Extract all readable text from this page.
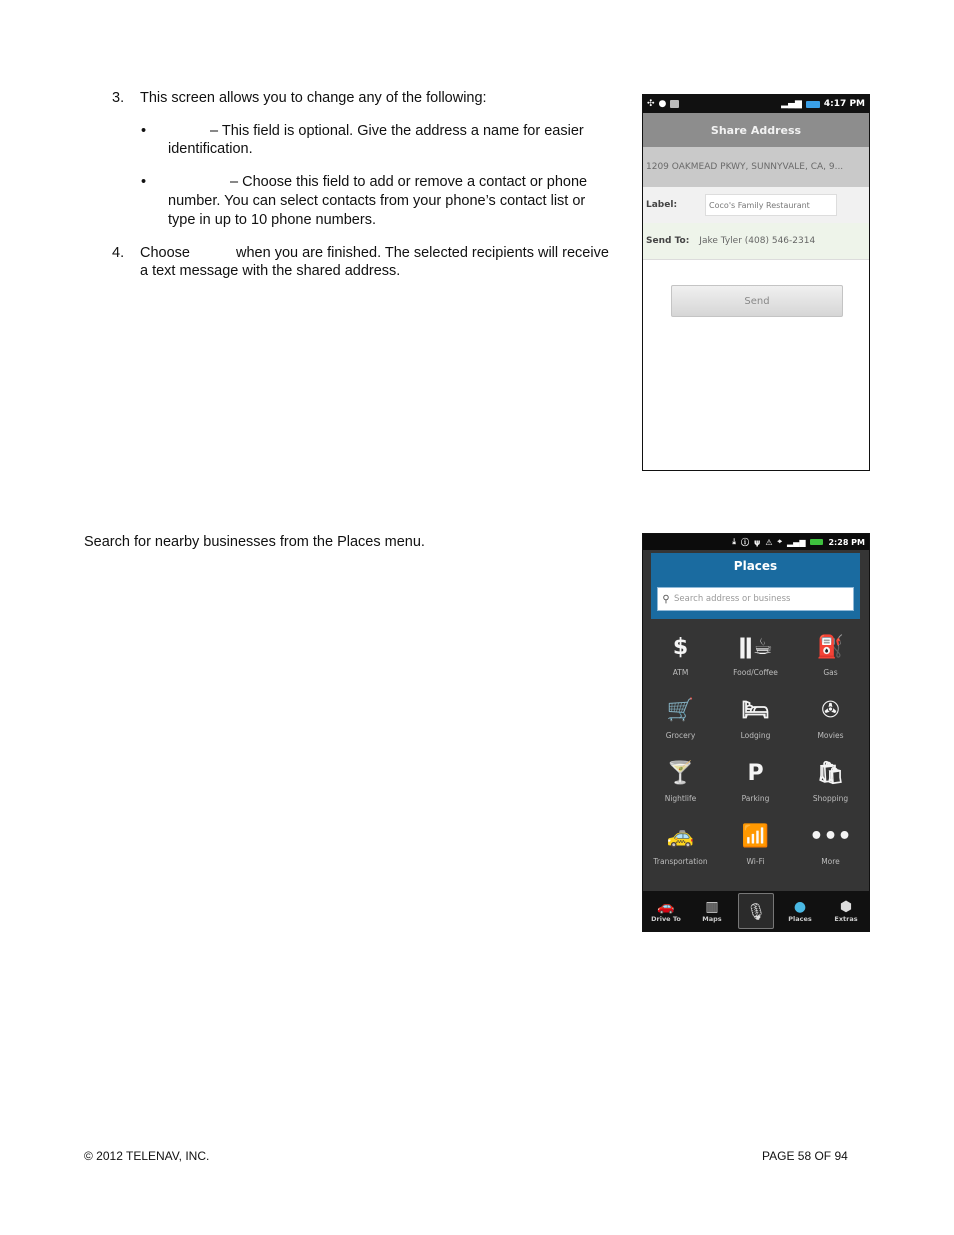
3. This screen allows you to change any of the following:
•	– This field is optional. Give the address a name for easier
identification.
•	– Choose this field to add or remove a contact or phone
number. You can select contacts from your phone’s contact list or
type in up to 10 phone numbers.
4. Choose	when you are finished. The selected recipients will receive
a text message with the shared address.
Search for nearby businesses from the Places menu.
✣ ●	▂▄▆ 4:17 PM
Share Address
1209 OAKMEAD PKWY, SUNNYVALE, CA, 9...
Label:	Coco's Family Restaurant
Send To: Jake Tyler (408) 546-2314
Send
⤓ ⓘ ψ ⚠ ⌖ ▂▄▆	2:28 PM
Places
⚲ Search address or business
$
ATM
ǁ☕
Food/Coffee
⛽
Gas
🛒
Grocery
🛏
Lodging
✇
Movies
🍸
Nightlife
P
Parking
🛍
Shopping
🚕
Transportation
📶
Wi-Fi
•••
More
🚗
Drive To
▥
Maps	🎙	●
Places
⬢
Extras
© 2012 TELENAV, INC.	PAGE 58 OF 94
